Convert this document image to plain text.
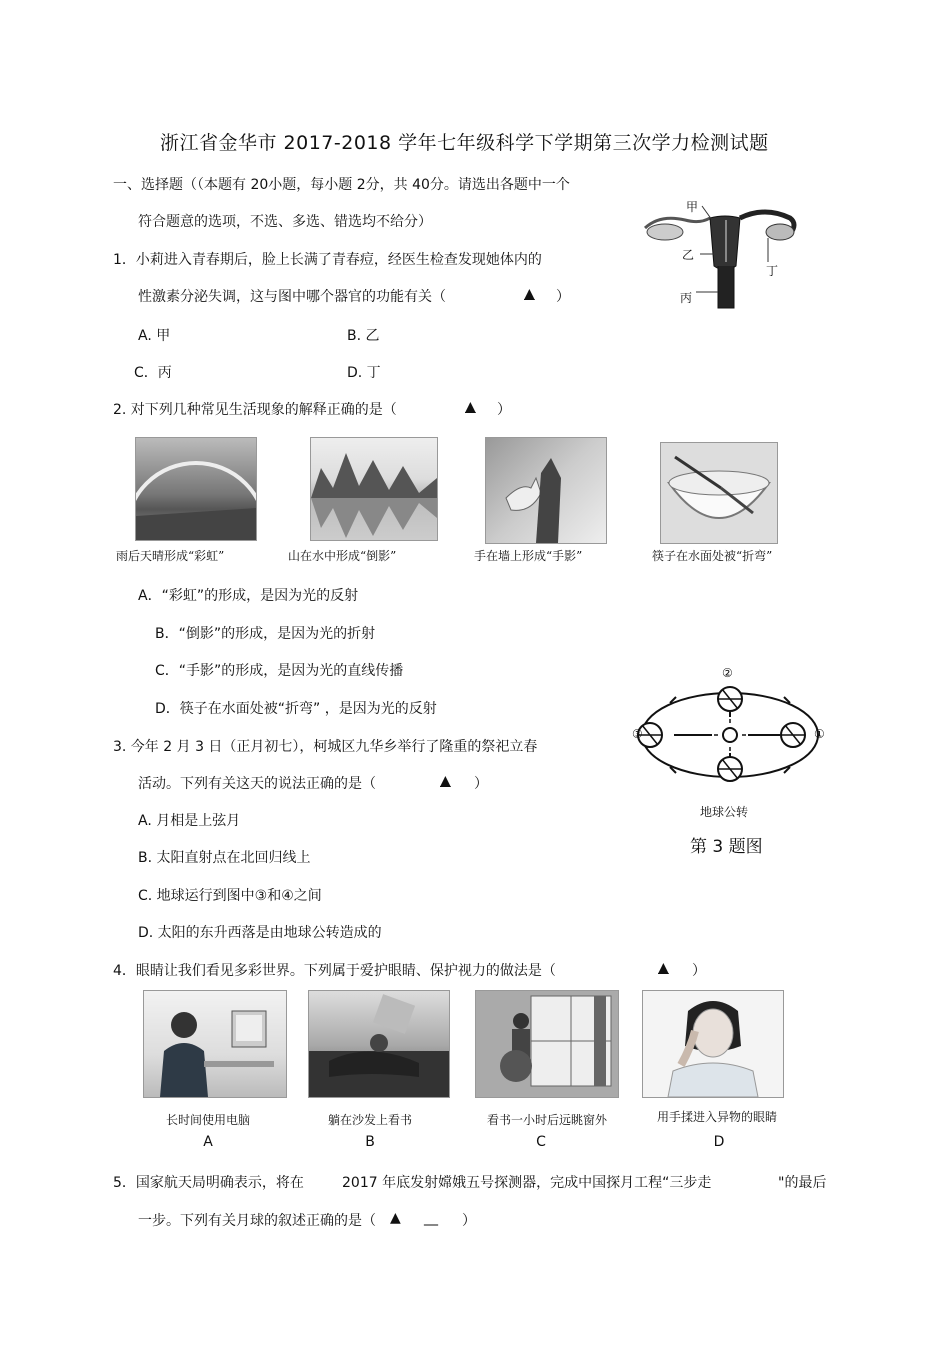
浙江省金华市 2017-2018 学年七年级科学下学期第三次学力检测试题
一、选择题（（本题有 20小题，每小题 2分，共 40分。请选出各题中一个
符合题意的选项，不选、多选、错选均不给分）
1．小莉进入青春期后，脸上长满了青春痘，经医生检查发现她体内的
性激素分泌失调，这与图中哪个器官的功能有关（	▲ ）
A. 甲	B. 乙
C．丙	D. 丁
甲
乙
丁
丙
2. 对下列几种常见生活现象的解释正确的是（	▲ ）
雨后天晴形成“彩虹”	山在水中形成“倒影”	手在墙上形成“手影”	筷子在水面处被“折弯”
A．“彩虹”的形成，是因为光的反射
B．“倒影”的形成，是因为光的折射
C．“手影”的形成，是因为光的直线传播
D．筷子在水面处被“折弯” ，是因为光的反射
3. 今年 2 月 3 日（正月初七），柯城区九华乡举行了隆重的祭祀立春
活动。下列有关这天的说法正确的是（	▲ ）
A. 月相是上弦月
B. 太阳直射点在北回归线上
C. 地球运行到图中③和④之间
D. 太阳的东升西落是由地球公转造成的
②
③	①
地球公转
第 3 题图
4．眼睛让我们看见多彩世界。下列属于爱护眼睛、保护视力的做法是（	▲ ）
长时间使用电脑	躺在沙发上看书	看书一小时后远眺窗外	用手揉进入异物的眼睛
A	B	C	D
5．国家航天局明确表示，将在	2017 年底发射嫦娥五号探测器，完成中国探月工程“三步走	"的最后
一步。下列有关月球的叙述正确的是（ ▲ __ ）
